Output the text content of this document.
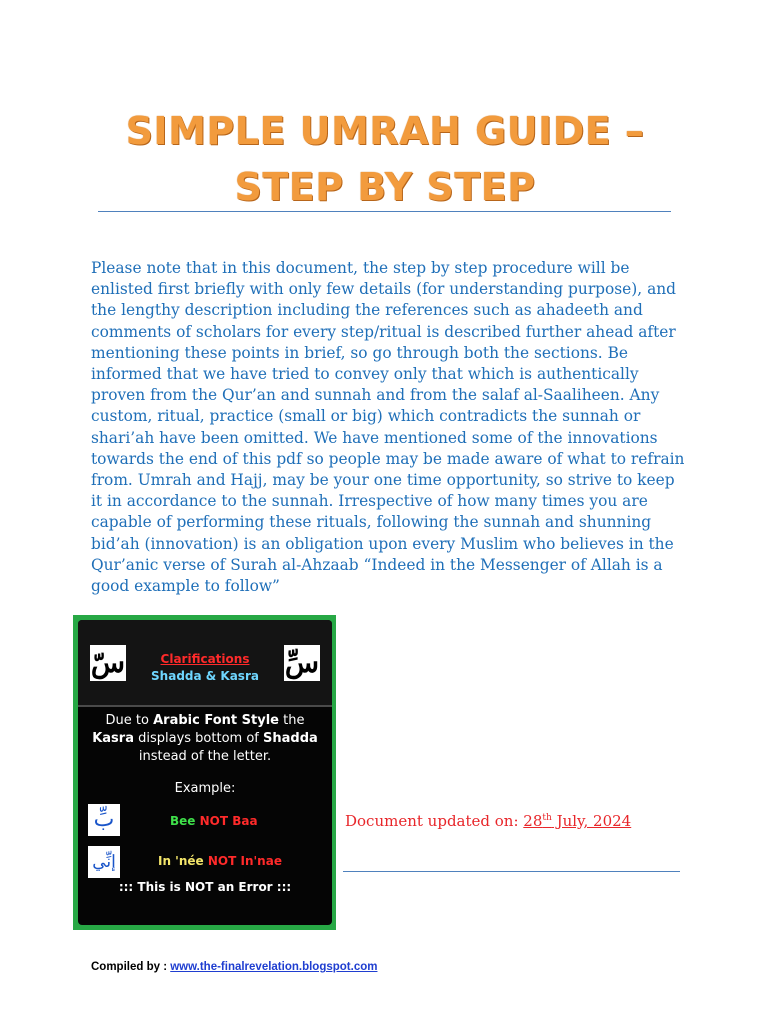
SIMPLE UMRAH GUIDE –
STEP BY STEP
Please note that in this document, the step by step procedure will be
enlisted first briefly with only few details (for understanding purpose), and
the lengthy description including the references such as ahadeeth and
comments of scholars for every step/ritual is described further ahead after
mentioning these points in brief, so go through both the sections. Be
informed that we have tried to convey only that which is authentically
proven from the Qur’an and sunnah and from the salaf al-Saaliheen. Any
custom, ritual, practice (small or big) which contradicts the sunnah or
shari’ah have been omitted. We have mentioned some of the innovations
towards the end of this pdf so people may be made aware of what to refrain
from. Umrah and Hajj, may be your one time opportunity, so strive to keep
it in accordance to the sunnah. Irrespective of how many times you are
capable of performing these rituals, following the sunnah and shunning
bid’ah (innovation) is an obligation upon every Muslim who believes in the
Qur’anic verse of Surah al-Ahzaab “Indeed in the Messenger of Allah is a
good example to follow”
سّ	سِّ
Clarifications
Shadda & Kasra
Due to Arabic Font Style the Kasra displays bottom of Shadda instead of the letter.
Example:
بِّ	Bee NOT Baa
إنِّي	In 'née NOT In'nae
::: This is NOT an Error :::
Document updated on: 28th July, 2024
Compiled by : www.the-finalrevelation.blogspot.com
